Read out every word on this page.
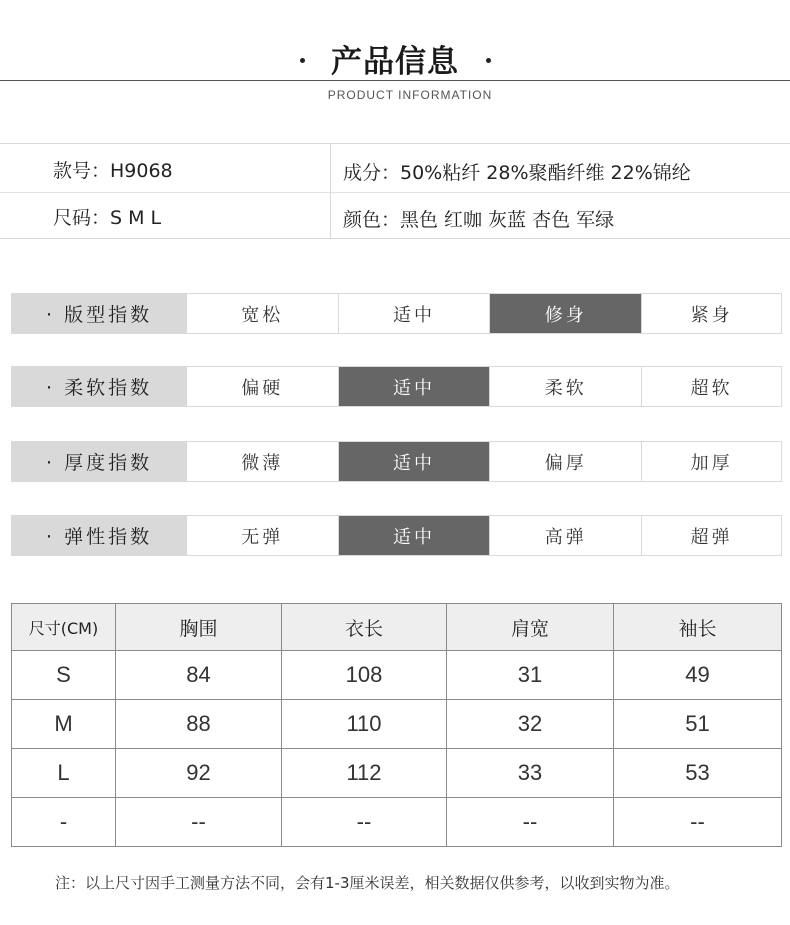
产品信息
PRODUCT INFORMATION
款号：H9068	成分：50%粘纤 28%聚酯纤维 22%锦纶
尺码：S M L	颜色：黑色 红咖 灰蓝 杏色 军绿
· 版型指数	宽松	适中	修身	紧身
· 柔软指数	偏硬	适中	柔软	超软
· 厚度指数	微薄	适中	偏厚	加厚
· 弹性指数	无弹	适中	高弹	超弹
尺寸(CM)	胸围	衣长	肩宽	袖长
S	84	108	31	49
M	88	110	32	51
L	92	112	33	53
-	--	--	--	--
注：以上尺寸因手工测量方法不同，会有1-3厘米误差，相关数据仅供参考，以收到实物为准。
